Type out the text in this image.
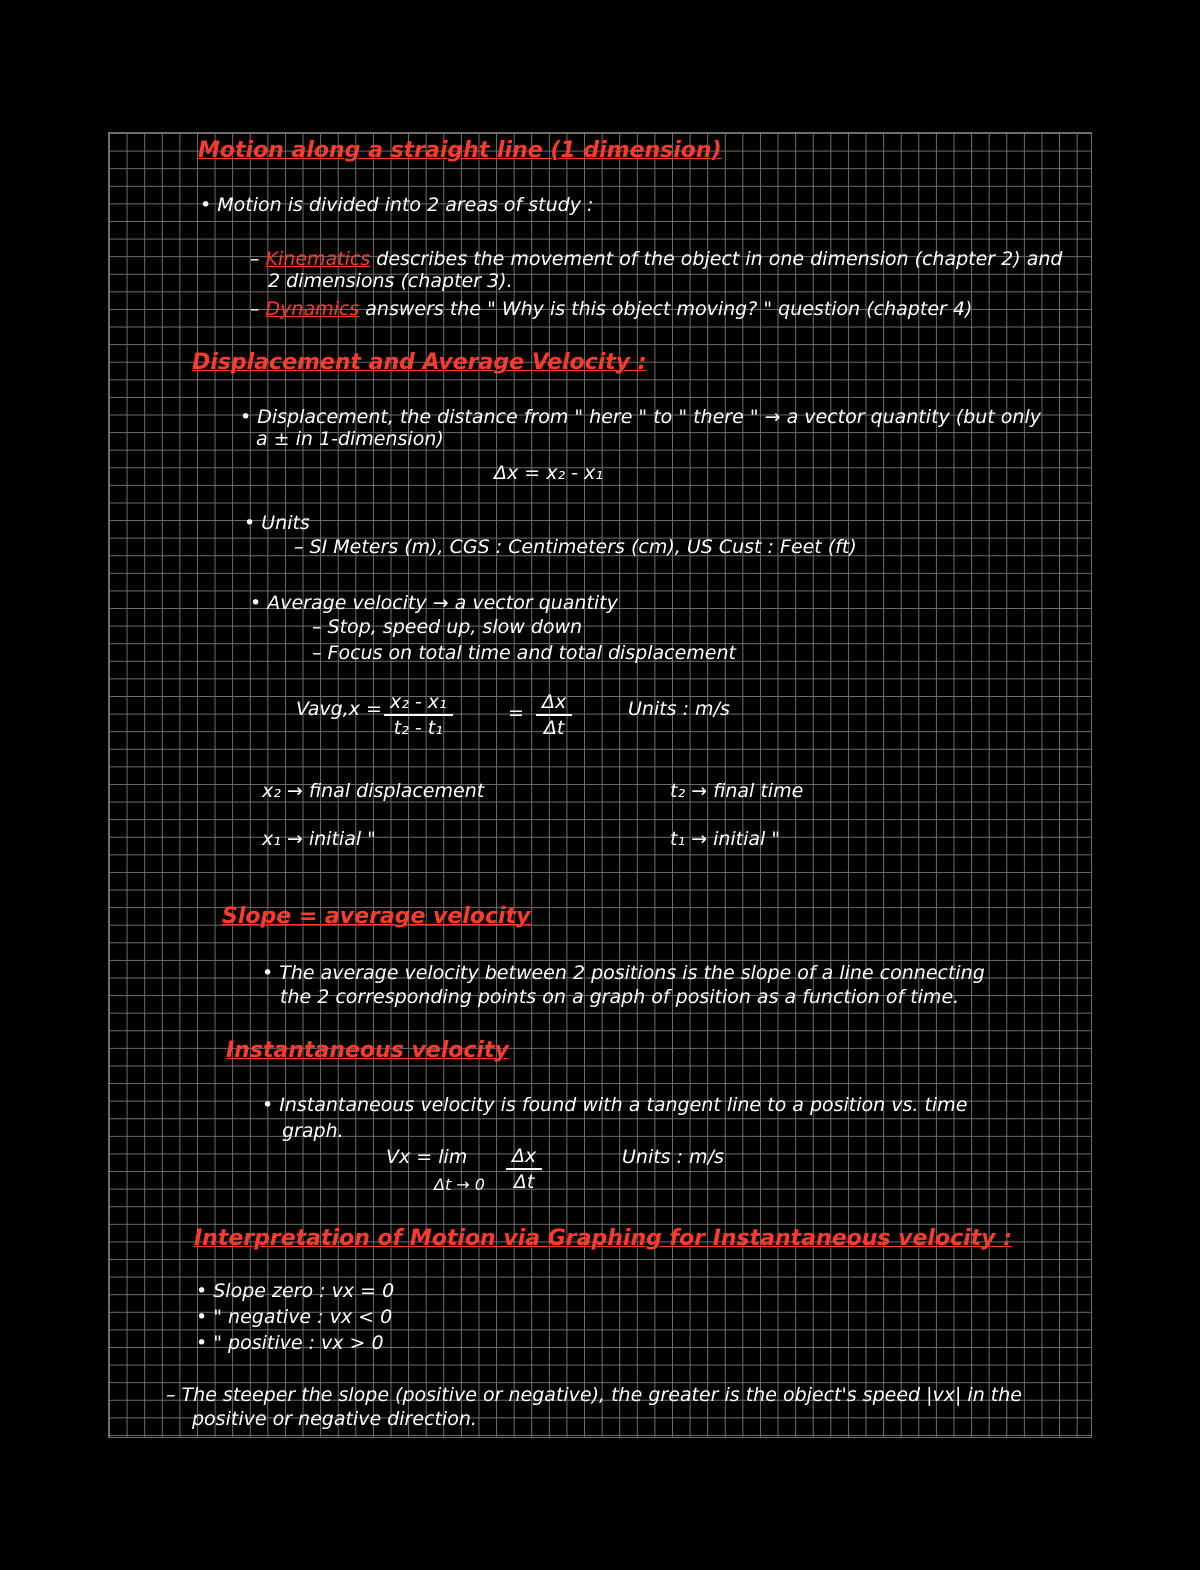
Motion along a straight line (1 dimension)
• Motion is divided into 2 areas of study :
– Kinematics describes the movement of the object in one dimension (chapter 2) and
2 dimensions (chapter 3).
– Dynamics answers the " Why is this object moving? " question (chapter 4)
Displacement and Average Velocity :
• Displacement, the distance from " here " to " there " → a vector quantity (but only
a ± in 1-dimension)
Δx = x₂ - x₁
• Units
– SI Meters (m), CGS : Centimeters (cm), US Cust : Feet (ft)
• Average velocity → a vector quantity
– Stop, speed up, slow down
– Focus on total time and total displacement
Vavg,x = $\frac{\text{x₂ - x₁}}{\text{t₂ - t₁}}$	= $\frac{\Delta x}{\Delta t}$	Units : m/s
x₂ → final displacement
x₁ → initial "
t₂ → final time
t₁ → initial "
Slope = average velocity
• The average velocity between 2 positions is the slope of a line connecting
the 2 corresponding points on a graph of position as a function of time.
Instantaneous velocity
• Instantaneous velocity is found with a tangent line to a position vs. time
graph.
Vx = lim
$\Delta t \to 0 \frac{\Delta x}{\Delta t}$	Units : m/s
Interpretation of Motion via Graphing for Instantaneous velocity :
• Slope zero : vx = 0
• " negative : vx < 0
• " positive : vx > 0
– The steeper the slope (positive or negative), the greater is the object's speed |vx| in the
positive or negative direction.
